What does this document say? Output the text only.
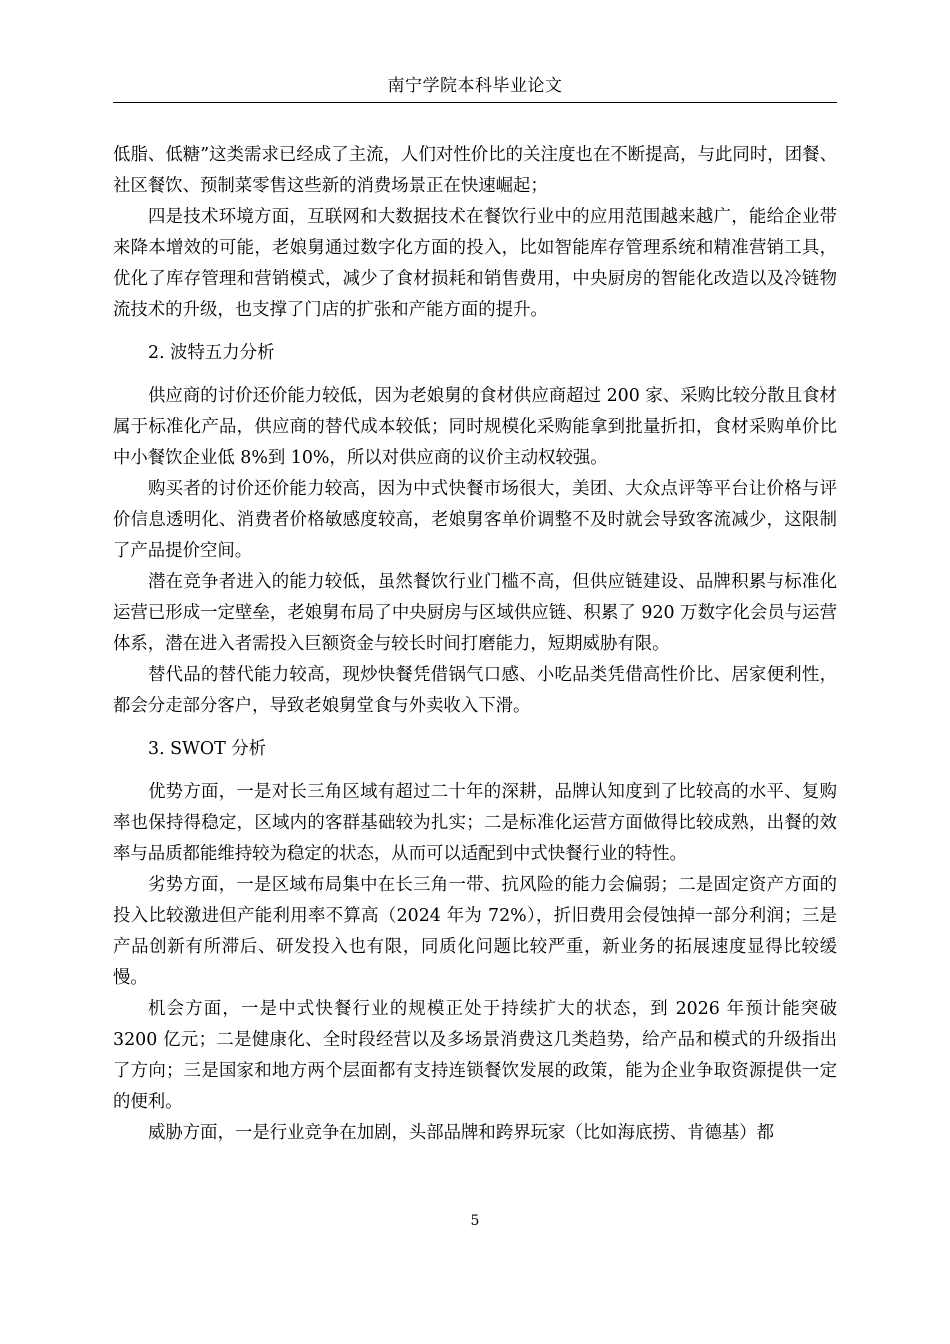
南宁学院本科毕业论文

低脂、低糖”这类需求已经成了主流，人们对性价比的关注度也在不断提高，与此同时，团餐、社区餐饮、预制菜零售这些新的消费场景正在快速崛起；

四是技术环境方面，互联网和大数据技术在餐饮行业中的应用范围越来越广，能给企业带来降本增效的可能，老娘舅通过数字化方面的投入，比如智能库存管理系统和精准营销工具，优化了库存管理和营销模式，减少了食材损耗和销售费用，中央厨房的智能化改造以及冷链物流技术的升级，也支撑了门店的扩张和产能方面的提升。

2. 波特五力分析

供应商的讨价还价能力较低，因为老娘舅的食材供应商超过 200 家、采购比较分散且食材属于标准化产品，供应商的替代成本较低；同时规模化采购能拿到批量折扣，食材采购单价比中小餐饮企业低 8%到 10%，所以对供应商的议价主动权较强。

购买者的讨价还价能力较高，因为中式快餐市场很大，美团、大众点评等平台让价格与评价信息透明化、消费者价格敏感度较高，老娘舅客单价调整不及时就会导致客流减少，这限制了产品提价空间。

潜在竞争者进入的能力较低，虽然餐饮行业门槛不高，但供应链建设、品牌积累与标准化运营已形成一定壁垒，老娘舅布局了中央厨房与区域供应链、积累了 920 万数字化会员与运营体系，潜在进入者需投入巨额资金与较长时间打磨能力，短期威胁有限。

替代品的替代能力较高，现炒快餐凭借锅气口感、小吃品类凭借高性价比、居家便利性，都会分走部分客户，导致老娘舅堂食与外卖收入下滑。

3. SWOT 分析

优势方面，一是对长三角区域有超过二十年的深耕，品牌认知度到了比较高的水平、复购率也保持得稳定，区域内的客群基础较为扎实；二是标准化运营方面做得比较成熟，出餐的效率与品质都能维持较为稳定的状态，从而可以适配到中式快餐行业的特性。

劣势方面，一是区域布局集中在长三角一带、抗风险的能力会偏弱；二是固定资产方面的投入比较激进但产能利用率不算高（2024 年为 72%），折旧费用会侵蚀掉一部分利润；三是产品创新有所滞后、研发投入也有限，同质化问题比较严重，新业务的拓展速度显得比较缓慢。

机会方面，一是中式快餐行业的规模正处于持续扩大的状态，到 2026 年预计能突破 3200 亿元；二是健康化、全时段经营以及多场景消费这几类趋势，给产品和模式的升级指出了方向；三是国家和地方两个层面都有支持连锁餐饮发展的政策，能为企业争取资源提供一定的便利。

威胁方面，一是行业竞争在加剧，头部品牌和跨界玩家（比如海底捞、肯德基）都

5
